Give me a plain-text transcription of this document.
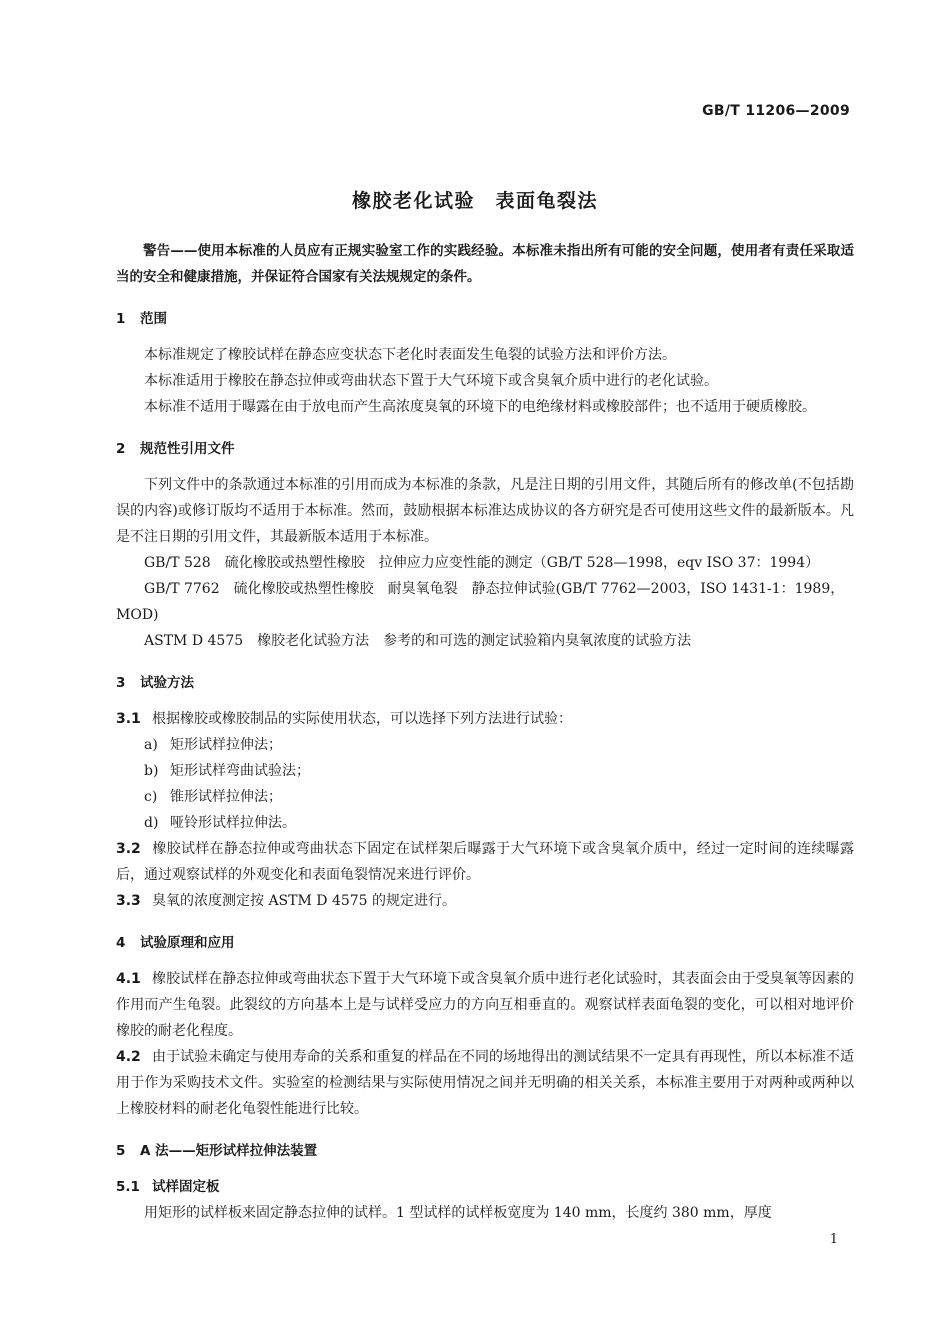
GB/T 11206—2009
橡胶老化试验　表面龟裂法

警告——使用本标准的人员应有正规实验室工作的实践经验。本标准未指出所有可能的安全问题，使用者有责任采取适当的安全和健康措施，并保证符合国家有关法规规定的条件。

1 范围

本标准规定了橡胶试样在静态应变状态下老化时表面发生龟裂的试验方法和评价方法。

本标准适用于橡胶在静态拉伸或弯曲状态下置于大气环境下或含臭氧介质中进行的老化试验。

本标准不适用于曝露在由于放电而产生高浓度臭氧的环境下的电绝缘材料或橡胶部件；也不适用于硬质橡胶。

2 规范性引用文件

下列文件中的条款通过本标准的引用而成为本标准的条款，凡是注日期的引用文件，其随后所有的修改单(不包括勘误的内容)或修订版均不适用于本标准。然而，鼓励根据本标准达成协议的各方研究是否可使用这些文件的最新版本。凡是不注日期的引用文件，其最新版本适用于本标准。

GB/T 528　硫化橡胶或热塑性橡胶　拉伸应力应变性能的测定（GB/T 528—1998，eqv ISO 37：1994）

GB/T 7762　硫化橡胶或热塑性橡胶　耐臭氧龟裂　静态拉伸试验(GB/T 7762—2003，ISO 1431-1：1989，MOD)

ASTM D 4575　橡胶老化试验方法　参考的和可选的测定试验箱内臭氧浓度的试验方法

3 试验方法

3.1 根据橡胶或橡胶制品的实际使用状态，可以选择下列方法进行试验：

a) 矩形试样拉伸法；
b) 矩形试样弯曲试验法；
c) 锥形试样拉伸法；
d) 哑铃形试样拉伸法。

3.2 橡胶试样在静态拉伸或弯曲状态下固定在试样架后曝露于大气环境下或含臭氧介质中，经过一定时间的连续曝露后，通过观察试样的外观变化和表面龟裂情况来进行评价。

3.3 臭氧的浓度测定按 ASTM D 4575 的规定进行。

4 试验原理和应用

4.1 橡胶试样在静态拉伸或弯曲状态下置于大气环境下或含臭氧介质中进行老化试验时，其表面会由于受臭氧等因素的作用而产生龟裂。此裂纹的方向基本上是与试样受应力的方向互相垂直的。观察试样表面龟裂的变化，可以相对地评价橡胶的耐老化程度。

4.2 由于试验未确定与使用寿命的关系和重复的样品在不同的场地得出的测试结果不一定具有再现性，所以本标准不适用于作为采购技术文件。实验室的检测结果与实际使用情况之间并无明确的相关关系，本标准主要用于对两种或两种以上橡胶材料的耐老化龟裂性能进行比较。

5 A 法——矩形试样拉伸法装置
5.1 试样固定板

用矩形的试样板来固定静态拉伸的试样。1 型试样的试样板宽度为 140 mm，长度约 380 mm，厚度

1
